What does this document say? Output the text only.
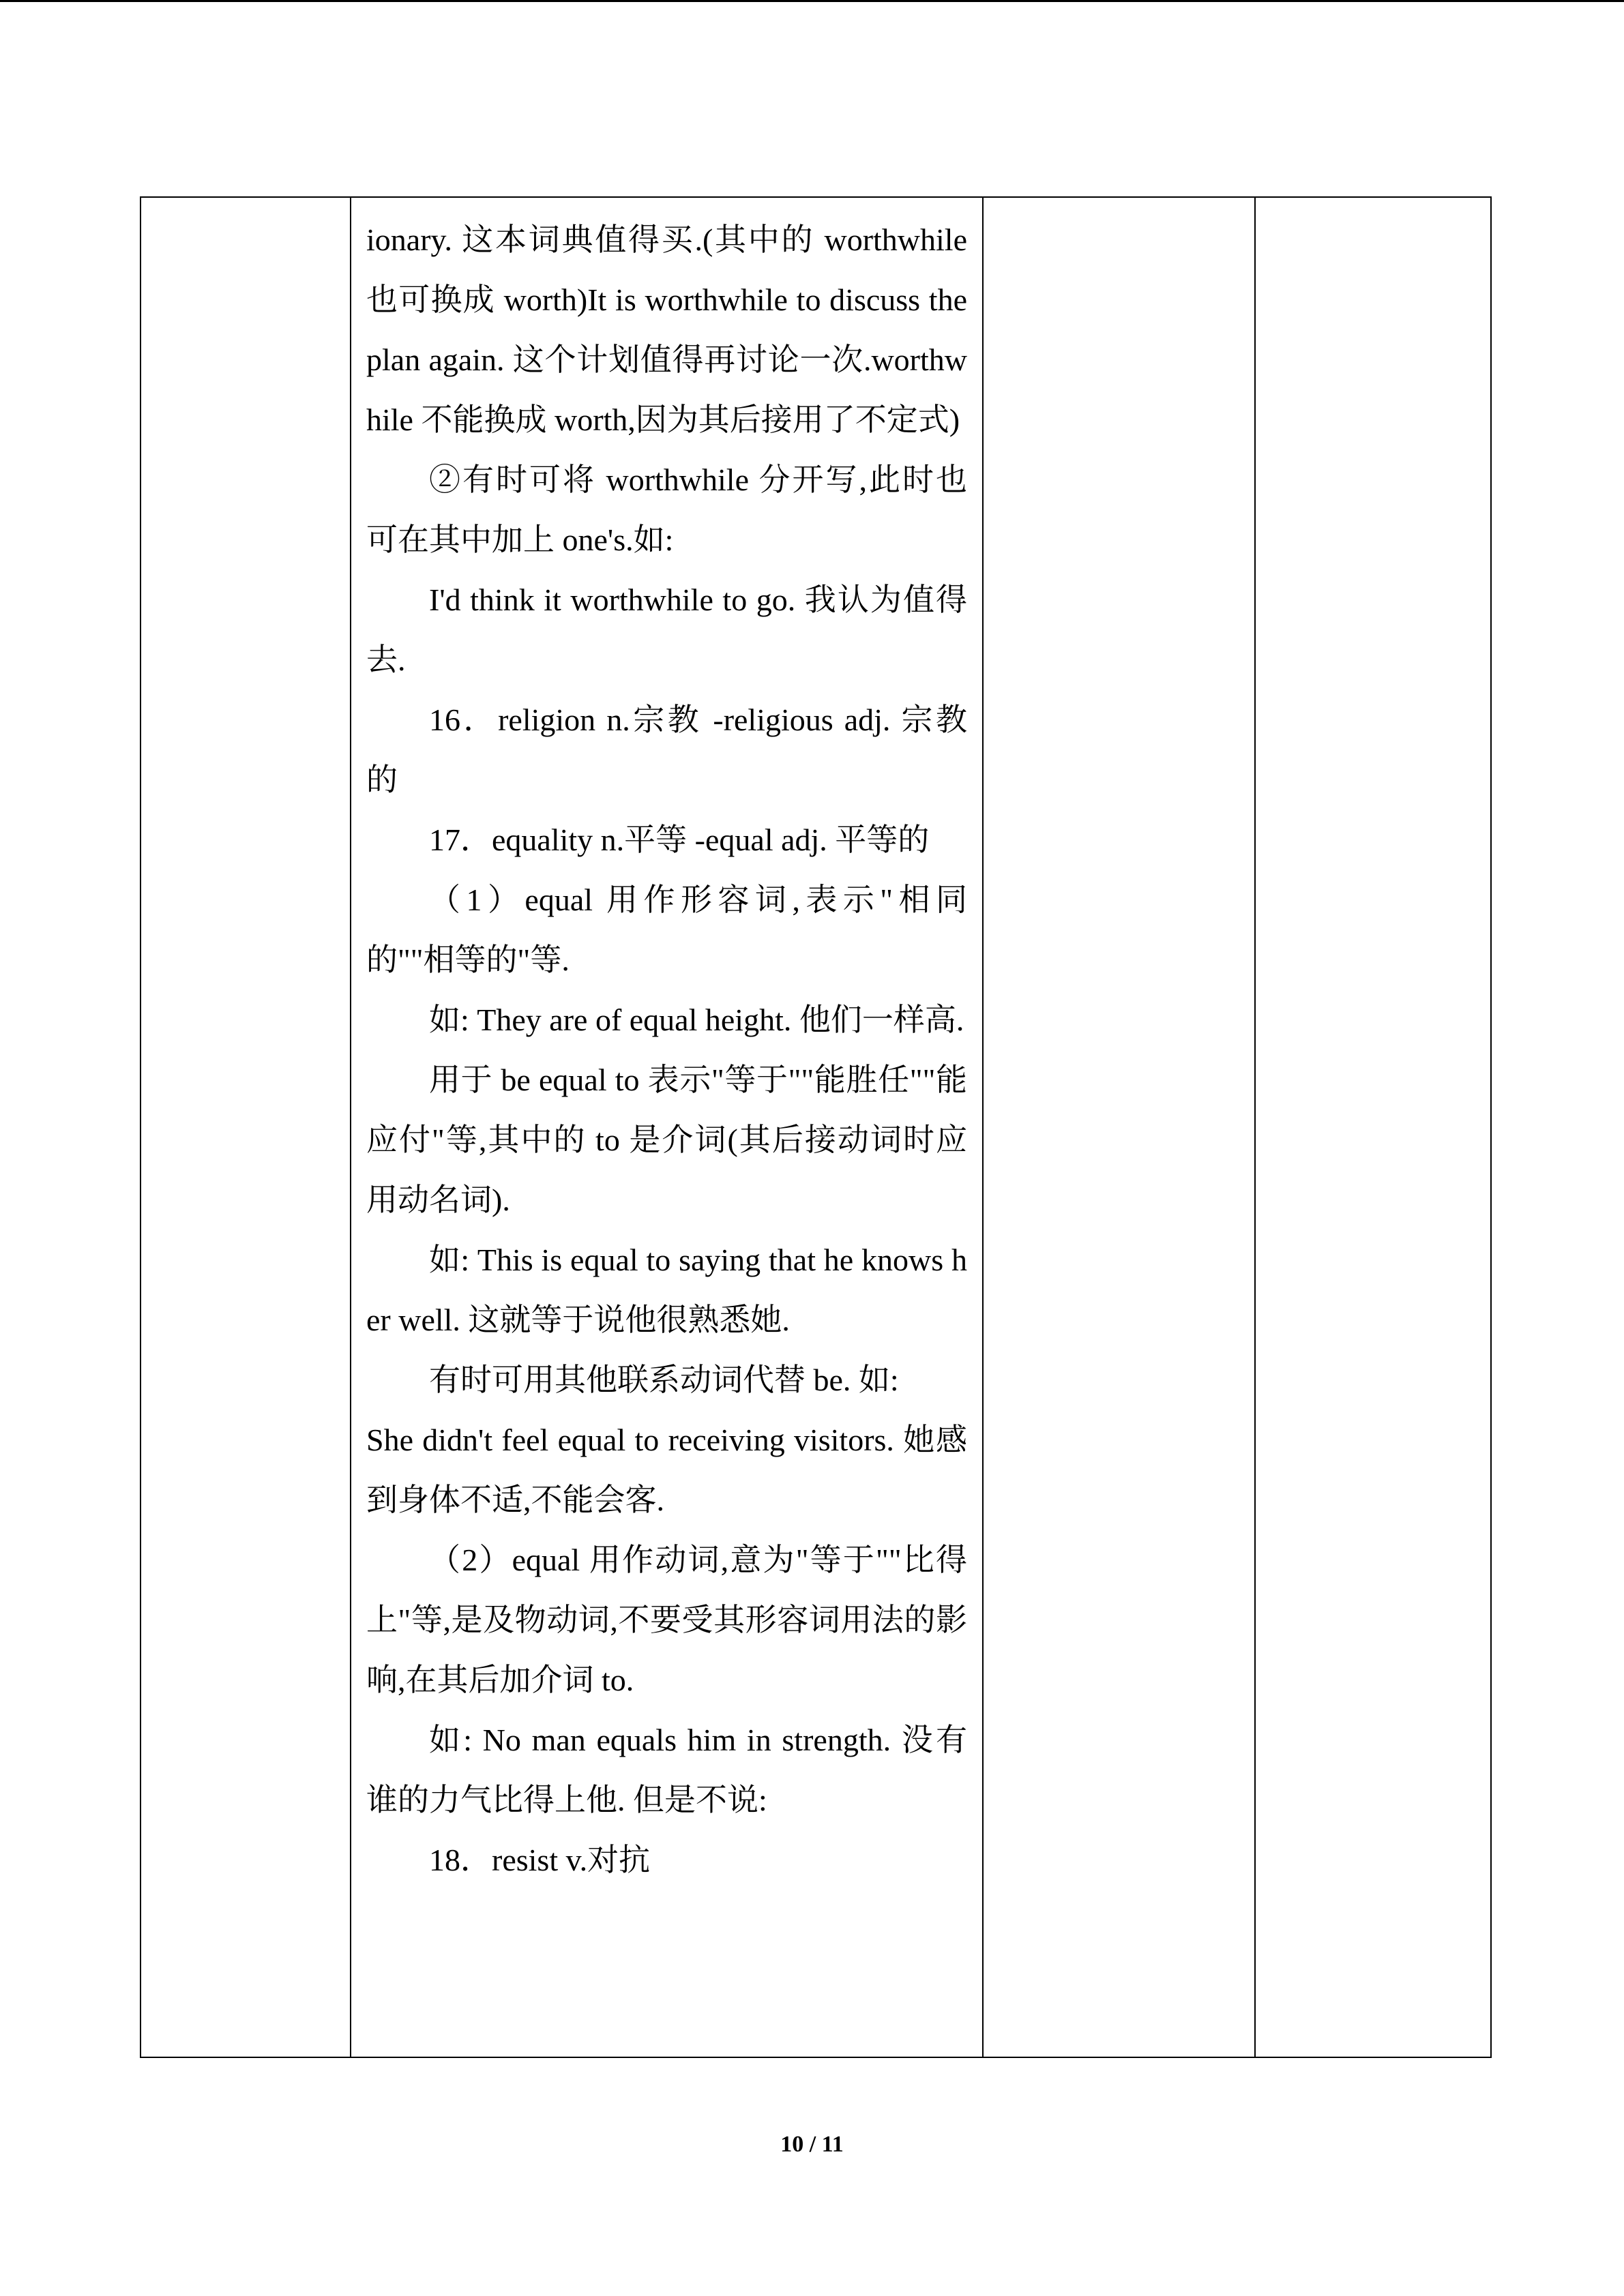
ionary. 这本词典值得买.(其中的 worthwhile 也可换成 worth)It is worthwhile to discuss the plan again. 这个计划值得再讨论一次.worthwhile 不能换成 worth,因为其后接用了不定式)

②有时可将 worthwhile 分开写,此时也可在其中加上 one's.如:

I'd think it worthwhile to go. 我认为值得去.

16．religion n.宗教 -religious adj. 宗教的

17．equality n.平等 -equal adj. 平等的

（1）equal 用作形容词,表示"相同的""相等的"等.

如: They are of equal height. 他们一样高.

用于 be equal to 表示"等于""能胜任""能应付"等,其中的 to 是介词(其后接动词时应用动名词).

如: This is equal to saying that he knows her well. 这就等于说他很熟悉她.

有时可用其他联系动词代替 be. 如:

She didn't feel equal to receiving visitors. 她感到身体不适,不能会客.

（2）equal 用作动词,意为"等于""比得上"等,是及物动词,不要受其形容词用法的影响,在其后加介词 to.

如: No man equals him in strength. 没有谁的力气比得上他. 但是不说:

18．resist v.对抗

10 / 11
